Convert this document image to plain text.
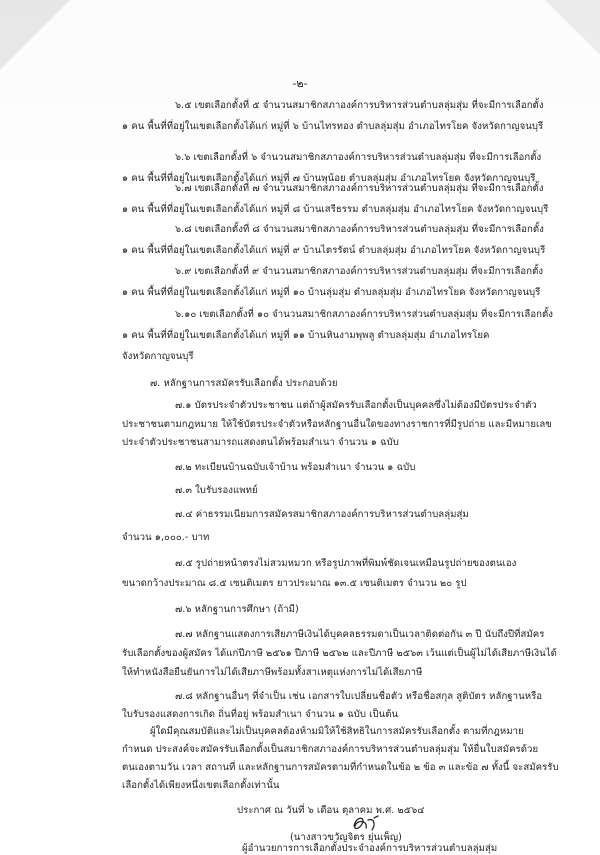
-๒-
๖.๕ เขตเลือกตั้งที่ ๕ จำนวนสมาชิกสภาองค์การบริหารส่วนตำบลลุ่มสุ่ม ที่จะมีการเลือกตั้ง
๑ คน พื้นที่ที่อยู่ในเขตเลือกตั้งได้แก่ หมู่ที่ ๖ บ้านไทรทอง ตำบลลุ่มสุ่ม อำเภอไทรโยค จังหวัดกาญจนบุรี
๖.๖ เขตเลือกตั้งที่ ๖ จำนวนสมาชิกสภาองค์การบริหารส่วนตำบลลุ่มสุ่ม ที่จะมีการเลือกตั้ง
๑ คน พื้นที่ที่อยู่ในเขตเลือกตั้งได้แก่ หมู่ที่ ๗ บ้านพุน้อย ตำบลลุ่มสุ่ม อำเภอไทรโยค จังหวัดกาญจนบุรี
๖.๗ เขตเลือกตั้งที่ ๗ จำนวนสมาชิกสภาองค์การบริหารส่วนตำบลลุ่มสุ่ม ที่จะมีการเลือกตั้ง
๑ คน พื้นที่ที่อยู่ในเขตเลือกตั้งได้แก่ หมู่ที่ ๘ บ้านเสรีธรรม ตำบลลุ่มสุ่ม อำเภอไทรโยค จังหวัดกาญจนบุรี
๖.๘ เขตเลือกตั้งที่ ๘ จำนวนสมาชิกสภาองค์การบริหารส่วนตำบลลุ่มสุ่ม ที่จะมีการเลือกตั้ง
๑ คน พื้นที่ที่อยู่ในเขตเลือกตั้งได้แก่ หมู่ที่ ๙ บ้านไตรรัตน์ ตำบลลุ่มสุ่ม อำเภอไทรโยค จังหวัดกาญจนบุรี
๖.๙ เขตเลือกตั้งที่ ๙ จำนวนสมาชิกสภาองค์การบริหารส่วนตำบลลุ่มสุ่ม ที่จะมีการเลือกตั้ง
๑ คน พื้นที่ที่อยู่ในเขตเลือกตั้งได้แก่ หมู่ที่ ๑๐ บ้านลุ่มสุ่ม ตำบลลุ่มสุ่ม อำเภอไทรโยค จังหวัดกาญจนบุรี
๖.๑๐ เขตเลือกตั้งที่ ๑๐ จำนวนสมาชิกสภาองค์การบริหารส่วนตำบลลุ่มสุ่ม ที่จะมีการเลือกตั้ง
๑ คน พื้นที่ที่อยู่ในเขตเลือกตั้งได้แก่ หมู่ที่ ๑๑ บ้านหินงามพุพลู ตำบลลุ่มสุ่ม อำเภอไทรโยค
จังหวัดกาญจนบุรี
๗. หลักฐานการสมัครรับเลือกตั้ง ประกอบด้วย
๗.๑ บัตรประจำตัวประชาชน แต่ถ้าผู้สมัครรับเลือกตั้งเป็นบุคคลซึ่งไม่ต้องมีบัตรประจำตัว
ประชาชนตามกฎหมาย ให้ใช้บัตรประจำตัวหรือหลักฐานอื่นใดของทางราชการที่มีรูปถ่าย และมีหมายเลข
ประจำตัวประชาชนสามารถแสดงตนได้พร้อมสำเนา จำนวน ๑ ฉบับ
๗.๒ ทะเบียนบ้านฉบับเจ้าบ้าน พร้อมสำเนา จำนวน ๑ ฉบับ
๗.๓ ใบรับรองแพทย์
๗.๔ ค่าธรรมเนียมการสมัครสมาชิกสภาองค์การบริหารส่วนตำบลลุ่มสุ่ม
จำนวน ๑,๐๐๐.- บาท
๗.๕ รูปถ่ายหน้าตรงไม่สวมหมวก หรือรูปภาพที่พิมพ์ชัดเจนเหมือนรูปถ่ายของตนเอง
ขนาดกว้างประมาณ ๘.๕ เซนติเมตร ยาวประมาณ ๑๓.๕ เซนติเมตร จำนวน ๒๐ รูป
๗.๖ หลักฐานการศึกษา (ถ้ามี)
๗.๗ หลักฐานแสดงการเสียภาษีเงินได้บุคคลธรรมดาเป็นเวลาติดต่อกัน ๓ ปี นับถึงปีที่สมัคร
รับเลือกตั้งของผู้สมัคร ได้แก่ปีภาษี ๒๕๖๑ ปีภาษี ๒๕๖๒ และปีภาษี ๒๕๖๓ เว้นแต่เป็นผู้ไม่ได้เสียภาษีเงินได้
ให้ทำหนังสือยืนยันการไม่ได้เสียภาษีพร้อมทั้งสาเหตุแห่งการไม่ได้เสียภาษี
๗.๘ หลักฐานอื่นๆ ที่จำเป็น เช่น เอกสารใบเปลี่ยนชื่อตัว หรือชื่อสกุล สูติบัตร หลักฐานหรือ
ใบรับรองแสดงการเกิด ถิ่นที่อยู่ พร้อมสำเนา จำนวน ๑ ฉบับ เป็นต้น
ผู้ใดมีคุณสมบัติและไม่เป็นบุคคลต้องห้ามมิให้ใช้สิทธิในการสมัครรับเลือกตั้ง ตามที่กฎหมาย
กำหนด ประสงค์จะสมัครรับเลือกตั้งเป็นสมาชิกสภาองค์การบริหารส่วนตำบลลุ่มสุ่ม ให้ยื่นใบสมัครด้วย
ตนเองตามวัน เวลา สถานที่ และหลักฐานการสมัครตามที่กำหนดในข้อ ๒ ข้อ ๓ และข้อ ๗ ทั้งนี้ จะสมัครรับ
เลือกตั้งได้เพียงหนึ่งเขตเลือกตั้งเท่านั้น
ประกาศ ณ วันที่ ๖ เดือน ตุลาคม พ.ศ. ๒๕๖๔
(นางสาวขวัญจิตร ยุ่นเพ็ญ)
ผู้อำนวยการการเลือกตั้งประจำองค์การบริหารส่วนตำบลลุ่มสุ่ม
